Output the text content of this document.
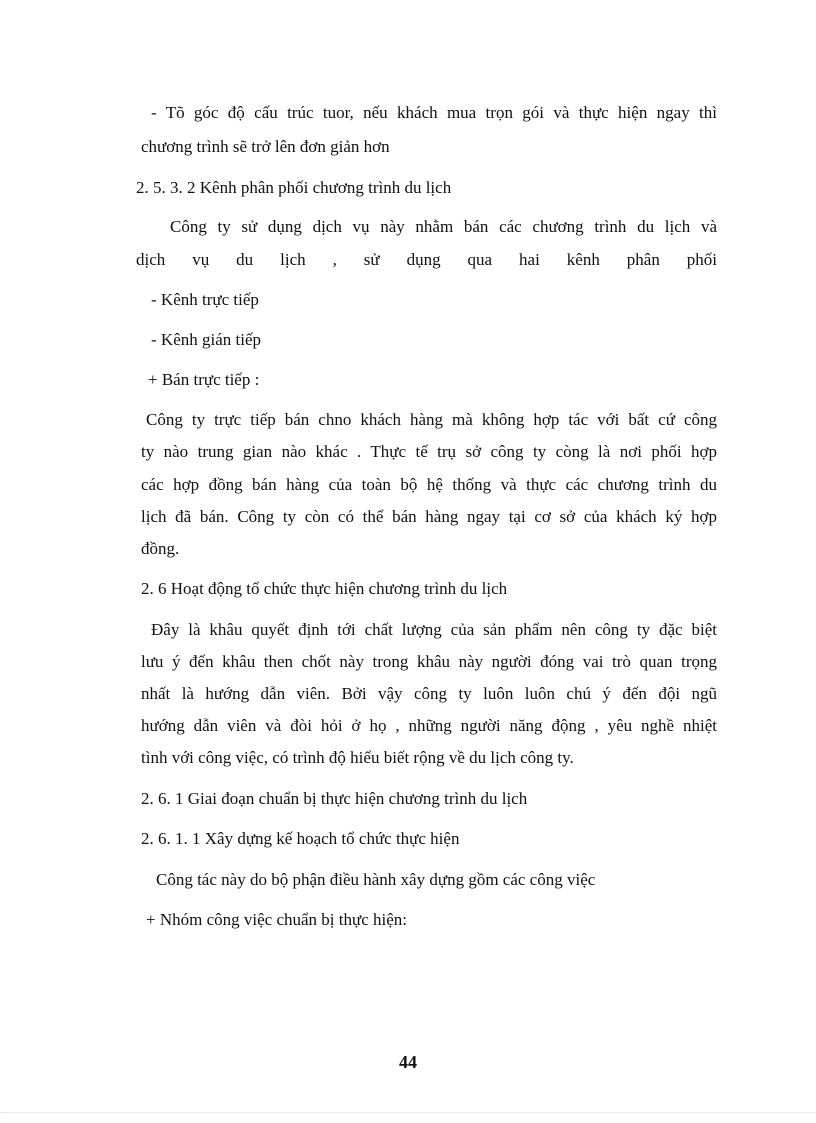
- Tõ góc độ cấu trúc tuor, nếu khách mua trọn gói và thực hiện ngay thì
chương trình sẽ trở lên đơn giản hơn
2. 5. 3. 2 Kênh phân phối chương trình du lịch
Công ty sử dụng dịch vụ này nhằm bán các chương trình du lịch và
dịch vụ du lịch , sử dụng qua hai kênh phân phối
- Kênh trực tiếp
- Kênh gián tiếp
+ Bán trực tiếp :
Công ty trực tiếp bán chno khách hàng mà không hợp tác với bất cứ công
ty nào trung gian nào khác . Thực tế trụ sở công ty còng là nơi phối hợp
các hợp đồng bán hàng của toàn bộ hệ thống và thực các chương trình du
lịch đã bán. Công ty còn có thể bán hàng ngay tại cơ sở của khách ký hợp
đồng.
2. 6 Hoạt động tổ chức thực hiện chương trình du lịch
Đây là khâu quyết định tới chất lượng của sản phẩm nên công ty đặc biệt
lưu ý đến khâu then chốt này trong khâu này người đóng vai trò quan trọng
nhất là hướng dẫn viên. Bởi vậy công ty luôn luôn chú ý đến đội ngũ
hướng dẫn viên và đòi hỏi ở họ , những người năng động , yêu nghề nhiệt
tình với công việc, có trình độ hiểu biết rộng về du lịch công ty.
2. 6. 1 Giai đoạn chuẩn bị thực hiện chương trình du lịch
2. 6. 1. 1 Xây dựng kế hoạch tổ chức thực hiện
Công tác này do bộ phận điều hành xây dựng gồm các công việc
+ Nhóm công việc chuẩn bị thực hiện:
44
